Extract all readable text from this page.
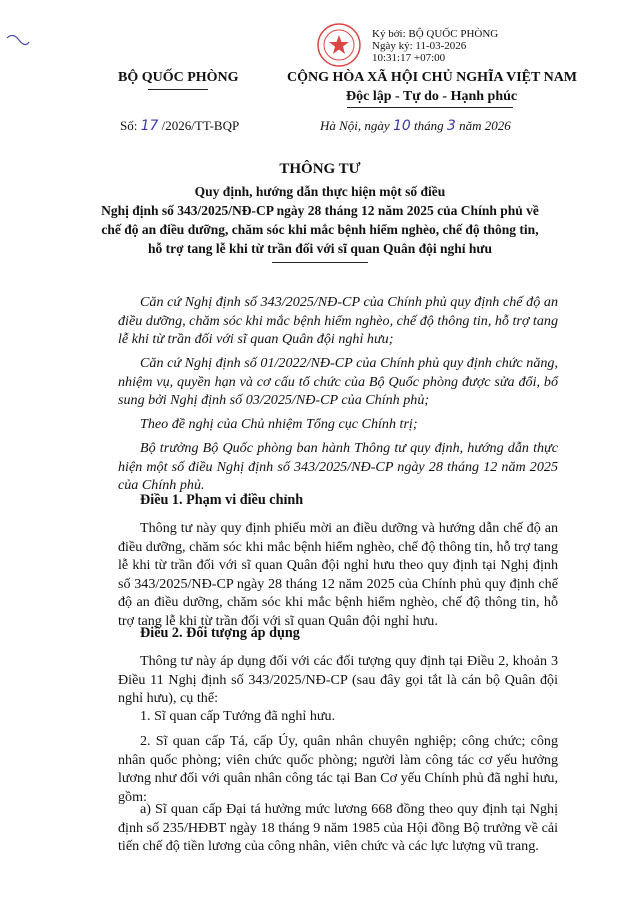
Ký bởi: BỘ QUỐC PHÒNG
Ngày ký: 11-03-2026
10:31:17 +07:00
BỘ QUỐC PHÒNG	CỘNG HÒA XÃ HỘI CHỦ NGHĨA VIỆT NAM
Độc lập - Tự do - Hạnh phúc
Số: 17 /2026/TT-BQP	Hà Nội, ngày 10 tháng 3 năm 2026
THÔNG TƯ
Quy định, hướng dẫn thực hiện một số điều
Nghị định số 343/2025/NĐ-CP ngày 28 tháng 12 năm 2025 của Chính phủ về
chế độ an điều dưỡng, chăm sóc khi mắc bệnh hiểm nghèo, chế độ thông tin,
hỗ trợ tang lễ khi từ trần đối với sĩ quan Quân đội nghỉ hưu
Căn cứ Nghị định số 343/2025/NĐ-CP của Chính phủ quy định chế độ an điều dưỡng, chăm sóc khi mắc bệnh hiểm nghèo, chế độ thông tin, hỗ trợ tang lễ khi từ trần đối với sĩ quan Quân đội nghỉ hưu;
Căn cứ Nghị định số 01/2022/NĐ-CP của Chính phủ quy định chức năng, nhiệm vụ, quyền hạn và cơ cấu tổ chức của Bộ Quốc phòng được sửa đổi, bổ sung bởi Nghị định số 03/2025/NĐ-CP của Chính phủ;
Theo đề nghị của Chủ nhiệm Tổng cục Chính trị;
Bộ trưởng Bộ Quốc phòng ban hành Thông tư quy định, hướng dẫn thực hiện một số điều Nghị định số 343/2025/NĐ-CP ngày 28 tháng 12 năm 2025 của Chính phủ.
Điều 1. Phạm vi điều chỉnh
Thông tư này quy định phiếu mời an điều dưỡng và hướng dẫn chế độ an điều dưỡng, chăm sóc khi mắc bệnh hiểm nghèo, chế độ thông tin, hỗ trợ tang lễ khi từ trần đối với sĩ quan Quân đội nghỉ hưu theo quy định tại Nghị định số 343/2025/NĐ-CP ngày 28 tháng 12 năm 2025 của Chính phủ quy định chế độ an điều dưỡng, chăm sóc khi mắc bệnh hiểm nghèo, chế độ thông tin, hỗ trợ tang lễ khi từ trần đối với sĩ quan Quân đội nghỉ hưu.
Điều 2. Đối tượng áp dụng
Thông tư này áp dụng đối với các đối tượng quy định tại Điều 2, khoản 3 Điều 11 Nghị định số 343/2025/NĐ-CP (sau đây gọi tắt là cán bộ Quân đội nghỉ hưu), cụ thể:
1. Sĩ quan cấp Tướng đã nghỉ hưu.
2. Sĩ quan cấp Tá, cấp Úy, quân nhân chuyên nghiệp; công chức; công nhân quốc phòng; viên chức quốc phòng; người làm công tác cơ yếu hưởng lương như đối với quân nhân công tác tại Ban Cơ yếu Chính phủ đã nghỉ hưu, gồm:
a) Sĩ quan cấp Đại tá hưởng mức lương 668 đồng theo quy định tại Nghị định số 235/HĐBT ngày 18 tháng 9 năm 1985 của Hội đồng Bộ trưởng về cải tiến chế độ tiền lương của công nhân, viên chức và các lực lượng vũ trang.
